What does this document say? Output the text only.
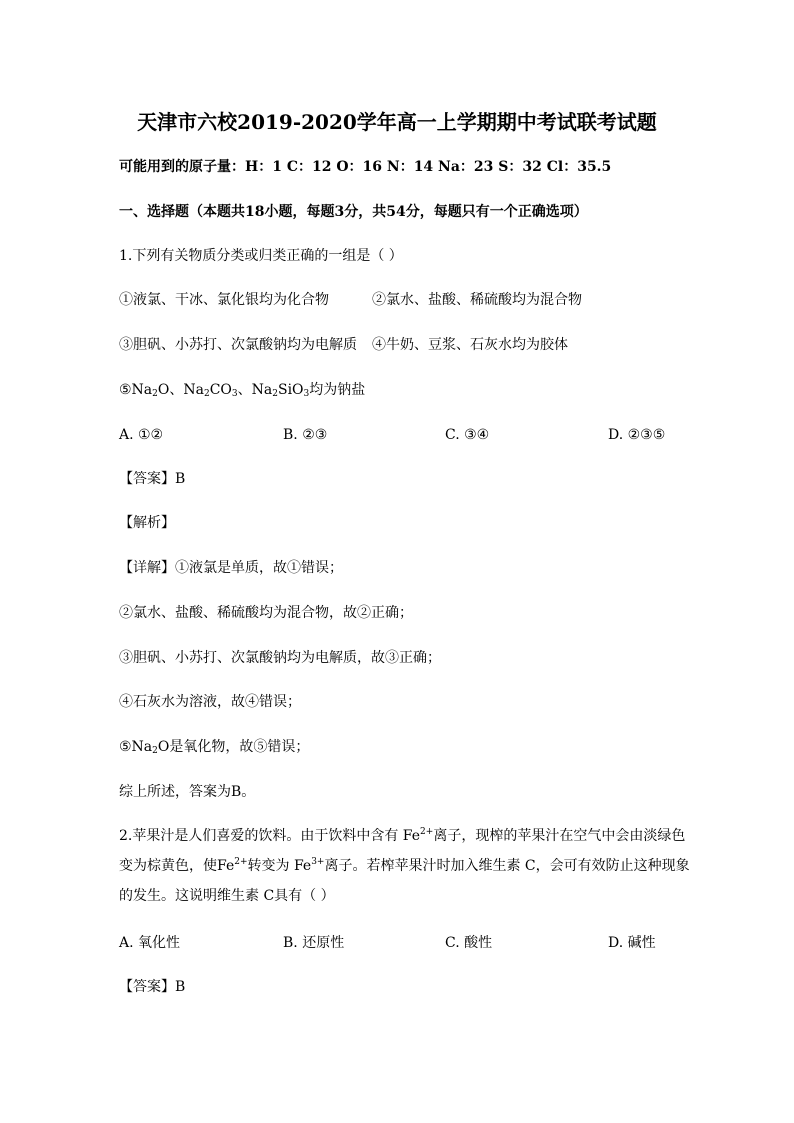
天津市六校2019-2020学年高一上学期期中考试联考试题
可能用到的原子量：H：1 C：12 O：16 N：14 Na：23 S：32 Cl：35.5
一、选择题（本题共18小题，每题3分，共54分，每题只有一个正确选项）
1.下列有关物质分类或归类正确的一组是（ ）
①液氯、干冰、氯化银均为化合物	②氯水、盐酸、稀硫酸均为混合物
③胆矾、小苏打、次氯酸钠均为电解质 ④牛奶、豆浆、石灰水均为胶体
$⑤Na_2O$、$Na_2CO_3$、$Na_2SiO_3$均为钠盐
A. ①②	B. ②③	C. ③④	D. ②③⑤
【答案】B
【解析】
【详解】①液氯是单质，故①错误；
②氯水、盐酸、稀硫酸均为混合物，故②正确；
③胆矾、小苏打、次氯酸钠均为电解质，故③正确；
④石灰水为溶液，故④错误；
$⑤Na_2O$是氧化物，故⑤错误；
综上所述，答案为B。
2.苹果汁是人们喜爱的饮料。由于饮料中含有 $Fe^{2+}$离子，现榨的苹果汁在空气中会由淡绿色
变为棕黄色，使$Fe^{2+}$转变为 $Fe^{3+}$离子。若榨苹果汁时加入维生素 C，会可有效防止这种现象
的发生。这说明维生素 C具有（ ）
A. 氧化性	B. 还原性	C. 酸性	D. 碱性
【答案】B
